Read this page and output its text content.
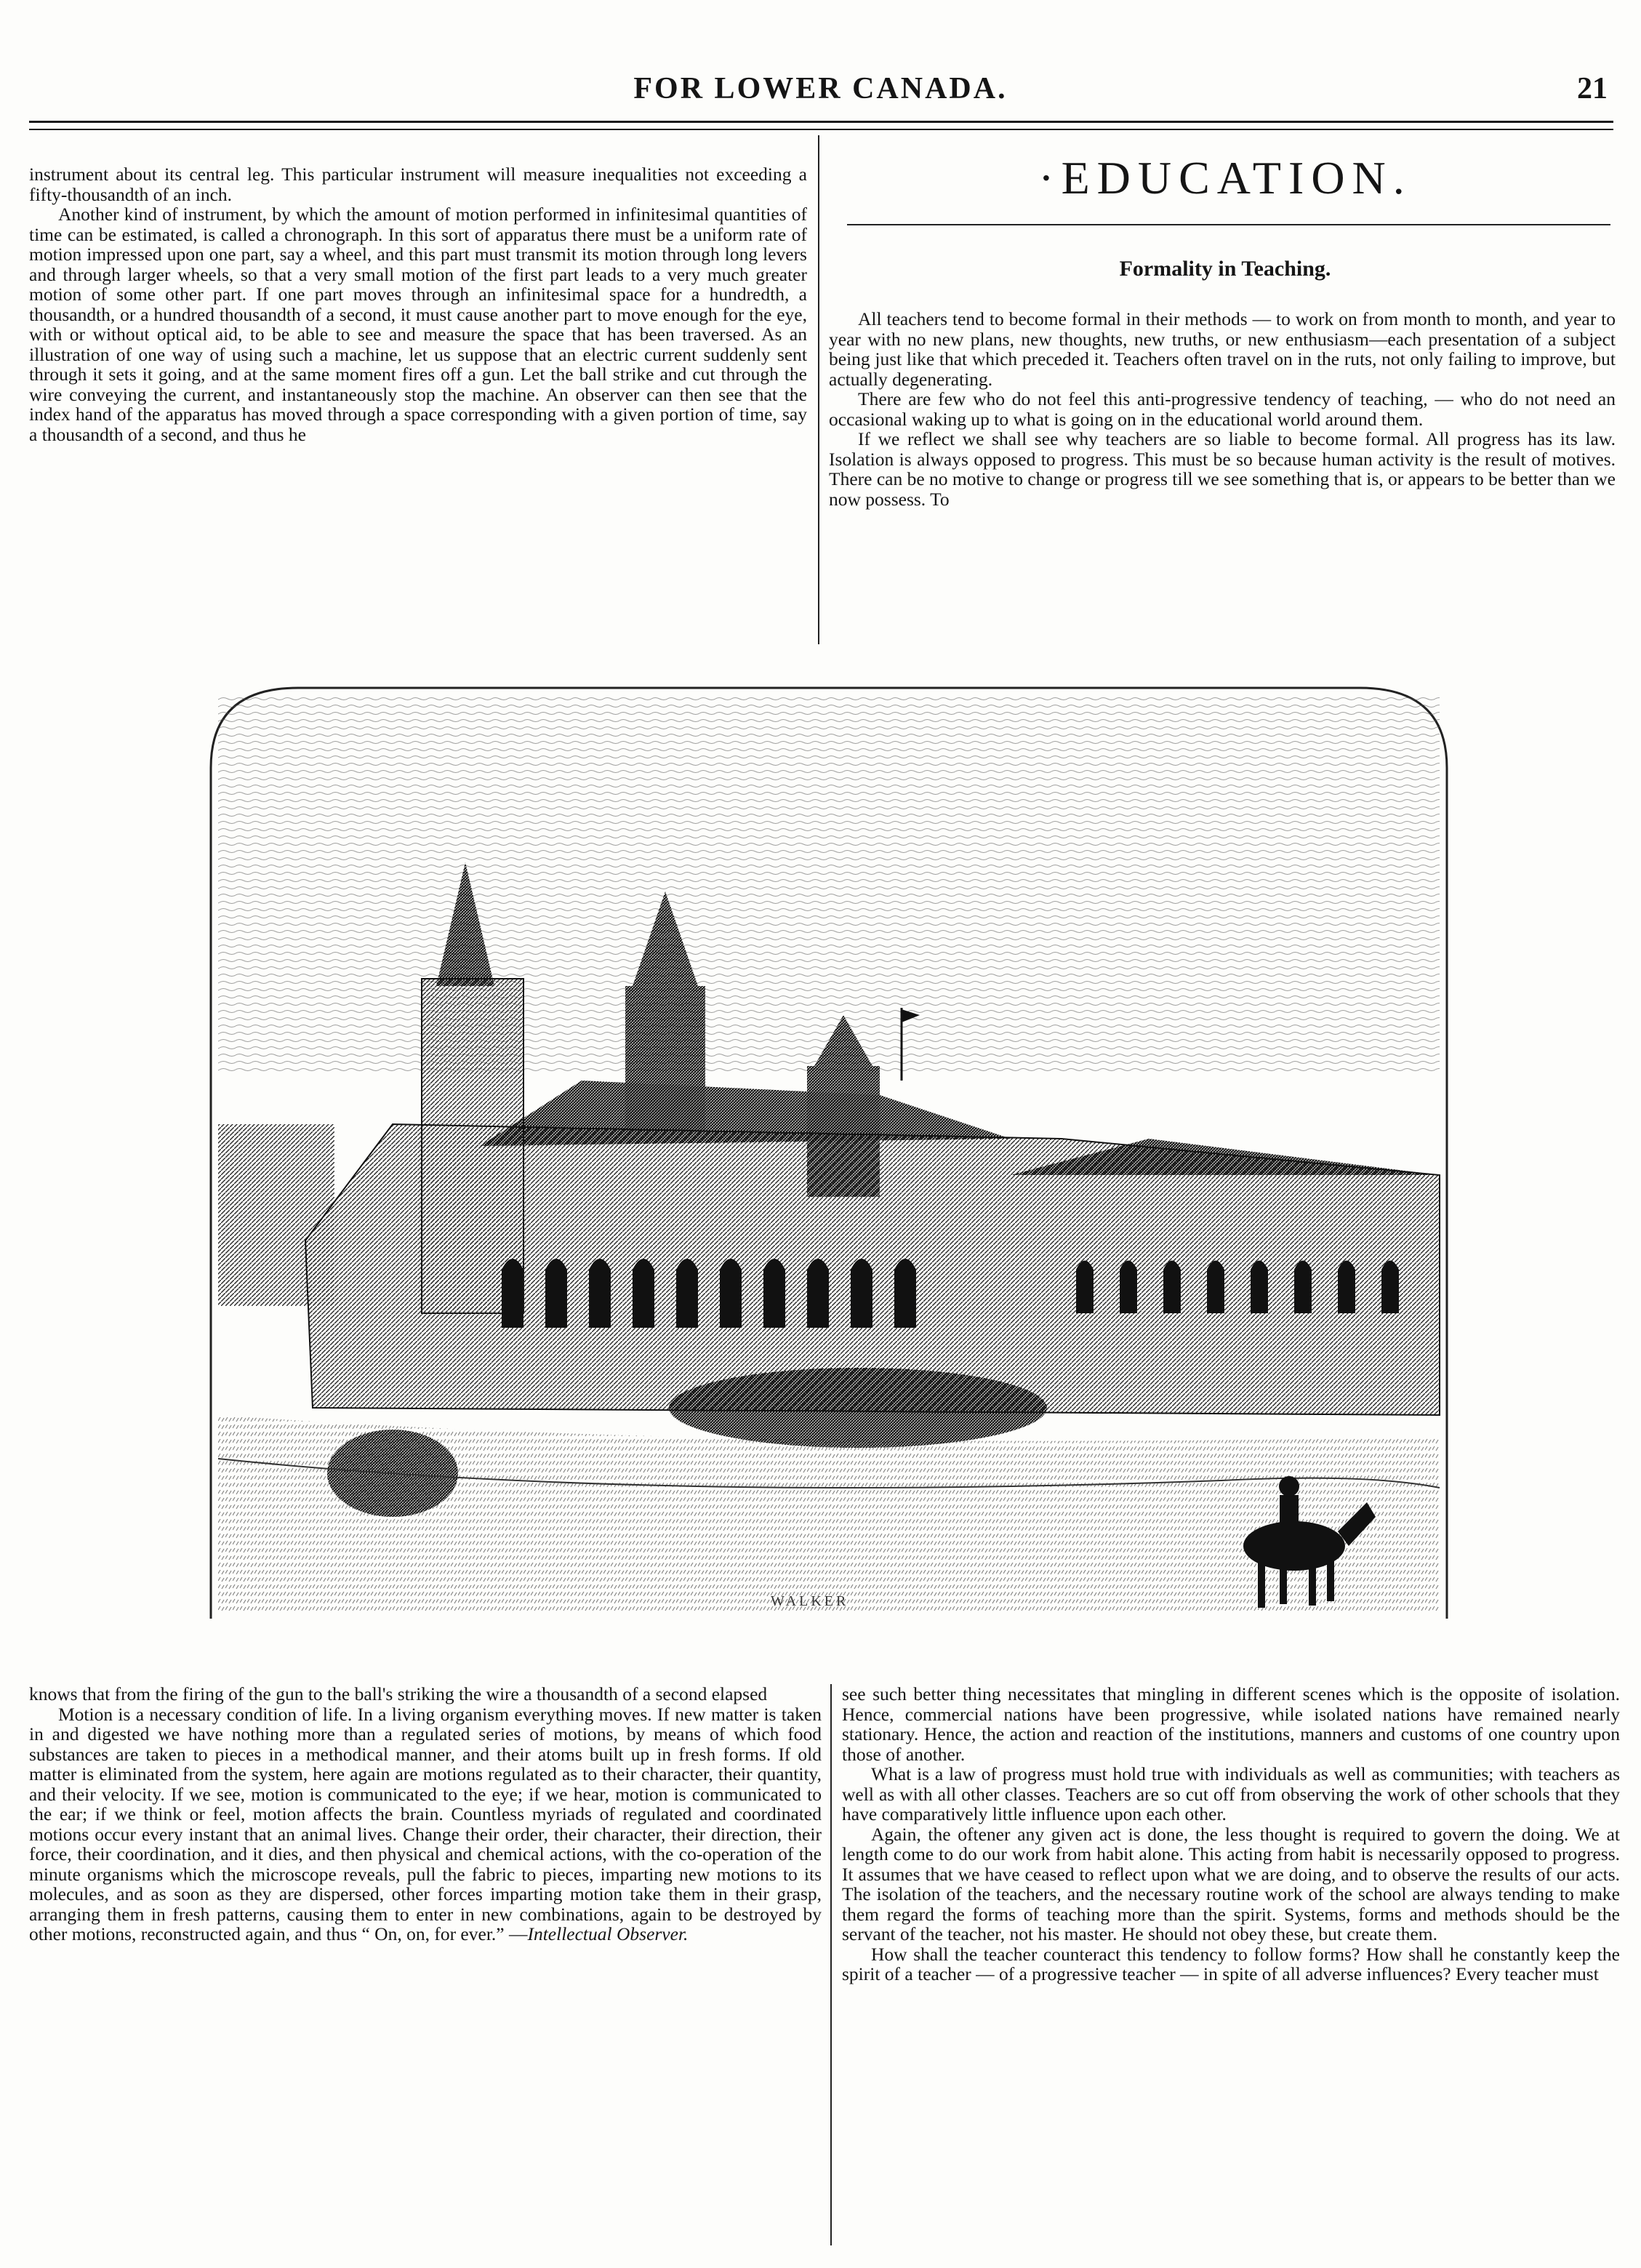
FOR LOWER CANADA.	21

instrument about its central leg. This particular instrument will measure inequalities not exceeding a fifty-thousandth of an inch.

Another kind of instrument, by which the amount of motion performed in infinitesimal quantities of time can be estimated, is called a chronograph. In this sort of apparatus there must be a uniform rate of motion impressed upon one part, say a wheel, and this part must transmit its motion through long levers and through larger wheels, so that a very small motion of the first part leads to a very much greater motion of some other part. If one part moves through an infinitesimal space for a hundredth, a thousandth, or a hundred thousandth of a second, it must cause another part to move enough for the eye, with or without optical aid, to be able to see and measure the space that has been traversed. As an illustration of one way of using such a machine, let us suppose that an electric current suddenly sent through it sets it going, and at the same moment fires off a gun. Let the ball strike and cut through the wire conveying the current, and instantaneously stop the machine. An observer can then see that the index hand of the apparatus has moved through a space corresponding with a given portion of time, say a thousandth of a second, and thus he

·EDUCATION.
Formality in Teaching.

All teachers tend to become formal in their methods — to work on from month to month, and year to year with no new plans, new thoughts, new truths, or new enthusiasm—each presentation of a subject being just like that which preceded it. Teachers often travel on in the ruts, not only failing to improve, but actually degenerating.

There are few who do not feel this anti-progressive tendency of teaching, — who do not need an occasional waking up to what is going on in the educational world around them.

If we reflect we shall see why teachers are so liable to become formal. All progress has its law. Isolation is always opposed to progress. This must be so because human activity is the result of motives. There can be no motive to change or progress till we see something that is, or appears to be better than we now possess. To

WALKER

knows that from the firing of the gun to the ball's striking the wire a thousandth of a second elapsed

Motion is a necessary condition of life. In a living organism everything moves. If new matter is taken in and digested we have nothing more than a regulated series of motions, by means of which food substances are taken to pieces in a methodical manner, and their atoms built up in fresh forms. If old matter is eliminated from the system, here again are motions regulated as to their character, their quantity, and their velocity. If we see, motion is communicated to the eye; if we hear, motion is communicated to the ear; if we think or feel, motion affects the brain. Countless myriads of regulated and coordinated motions occur every instant that an animal lives. Change their order, their character, their direction, their force, their coordination, and it dies, and then physical and chemical actions, with the co-operation of the minute organisms which the microscope reveals, pull the fabric to pieces, imparting new motions to its molecules, and as soon as they are dispersed, other forces imparting motion take them in their grasp, arranging them in fresh patterns, causing them to enter in new combinations, again to be destroyed by other motions, reconstructed again, and thus “ On, on, for ever.” —Intellectual Observer.

see such better thing necessitates that mingling in different scenes which is the opposite of isolation. Hence, commercial nations have been progressive, while isolated nations have remained nearly stationary. Hence, the action and reaction of the institutions, manners and customs of one country upon those of another.

What is a law of progress must hold true with individuals as well as communities; with teachers as well as with all other classes. Teachers are so cut off from observing the work of other schools that they have comparatively little influence upon each other.

Again, the oftener any given act is done, the less thought is required to govern the doing. We at length come to do our work from habit alone. This acting from habit is necessarily opposed to progress. It assumes that we have ceased to reflect upon what we are doing, and to observe the results of our acts. The isolation of the teachers, and the necessary routine work of the school are always tending to make them regard the forms of teaching more than the spirit. Systems, forms and methods should be the servant of the teacher, not his master. He should not obey these, but create them.

How shall the teacher counteract this tendency to follow forms? How shall he constantly keep the spirit of a teacher — of a progressive teacher — in spite of all adverse influences? Every teacher must
